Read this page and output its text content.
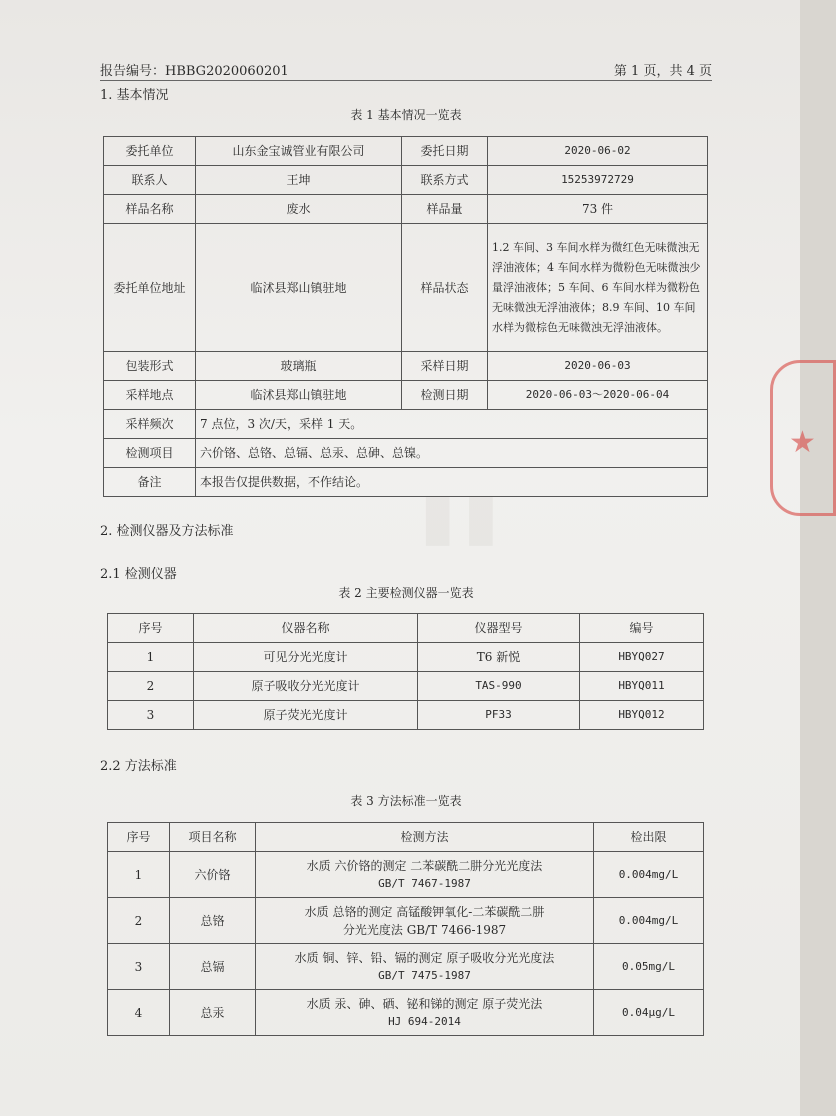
★
报告编号：HBBG2020060201	第 1 页，共 4 页
1. 基本情况
表 1 基本情况一览表
委托单位	山东金宝诚管业有限公司	委托日期	2020-06-02
联系人	王坤	联系方式	15253972729
样品名称	废水	样品量	73 件
委托单位地址	临沭县郑山镇驻地	样品状态	1.2 车间、3 车间水样为微红色无味微浊无浮油液体；4 车间水样为微粉色无味微浊少量浮油液体；5 车间、6 车间水样为微粉色无味微浊无浮油液体；8.9 车间、10 车间水样为微棕色无味微浊无浮油液体。
包装形式	玻璃瓶	采样日期	2020-06-03
采样地点	临沭县郑山镇驻地	检测日期	2020-06-03～2020-06-04
采样频次	7 点位，3 次/天，采样 1 天。		
检测项目	六价铬、总铬、总镉、总汞、总砷、总镍。		
备注	本报告仅提供数据，不作结论。		▮▮
2. 检测仪器及方法标准
2.1 检测仪器
表 2 主要检测仪器一览表
序号	仪器名称	仪器型号	编号
1	可见分光光度计	T6 新悦	HBYQ027
2	原子吸收分光光度计	TAS-990	HBYQ011
3	原子荧光光度计	PF33	HBYQ012
2.2 方法标准
表 3 方法标准一览表
序号	项目名称	检测方法	检出限
1	六价铬	水质 六价铬的测定 二苯碳酰二肼分光光度法
GB/T 7467-1987	0.004mg/L
2	总铬	水质 总铬的测定 高锰酸钾氧化-二苯碳酰二肼
分光光度法 GB/T 7466-1987	0.004mg/L
3	总镉	水质 铜、锌、铅、镉的测定 原子吸收分光光度法
GB/T 7475-1987	0.05mg/L
4	总汞	水质 汞、砷、硒、铋和锑的测定 原子荧光法
HJ 694-2014	0.04μg/L
